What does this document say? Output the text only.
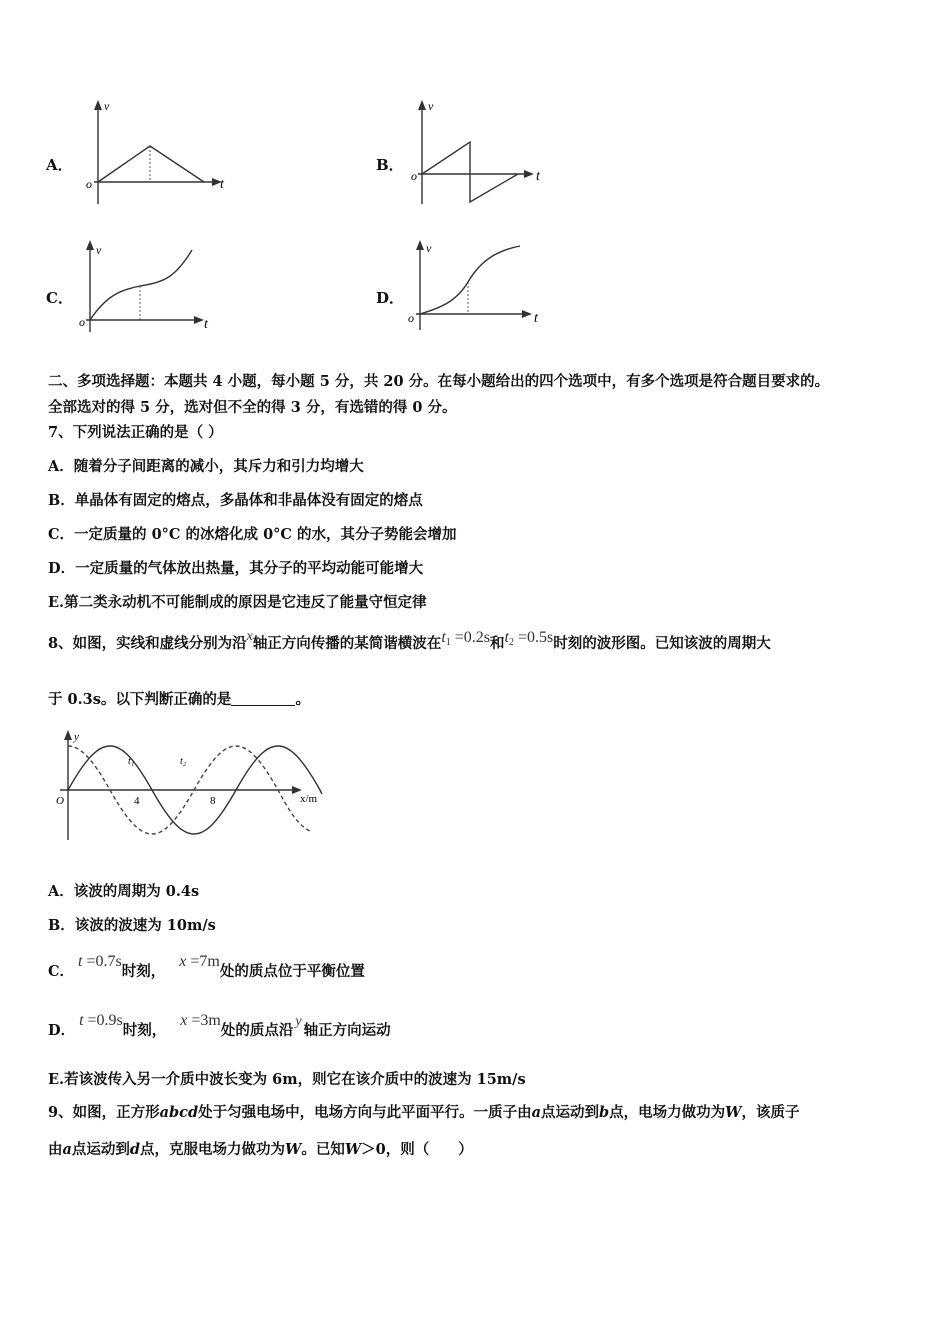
A．
v
t
o
B．
v
t
o
C．
v
t
o
D．
v
t
o
二、多项选择题：本题共 4 小题，每小题 5 分，共 20 分。在每小题给出的四个选项中，有多个选项是符合题目要求的。
全部选对的得 5 分，选对但不全的得 3 分，有选错的得 0 分。
7、下列说法正确的是（ ）
A．随着分子间距离的减小，其斥力和引力均增大
B．单晶体有固定的熔点，多晶体和非晶体没有固定的熔点
C．一定质量的 0°C 的冰熔化成 0°C 的水，其分子势能会增加
D．一定质量的气体放出热量，其分子的平均动能可能增大
E.第二类永动机不可能制成的原因是它违反了能量守恒定律
8、如图，实线和虚线分别为沿x轴正方向传播的某简谐横波在$t_1 =0.2s$和$t_2 =0.5s$时刻的波形图。已知该波的周期大
于 0.3s。以下判断正确的是	。
y
x/m
O	4	8
t₁	t₂
A．该波的周期为 0.4s
B．该波的波速为 10m/s
C．t =0.7s时刻，x =7m处的质点位于平衡位置
D．t =0.9s时刻，x =3m处的质点沿y轴正方向运动
E.若该波传入另一介质中波长变为 6m，则它在该介质中的波速为 15m/s
9、如图，正方形abcd处于匀强电场中，电场方向与此平面平行。一质子由a点运动到b点，电场力做功为W，该质子
由a点运动到d点，克服电场力做功为W。已知W＞0，则（　　）
